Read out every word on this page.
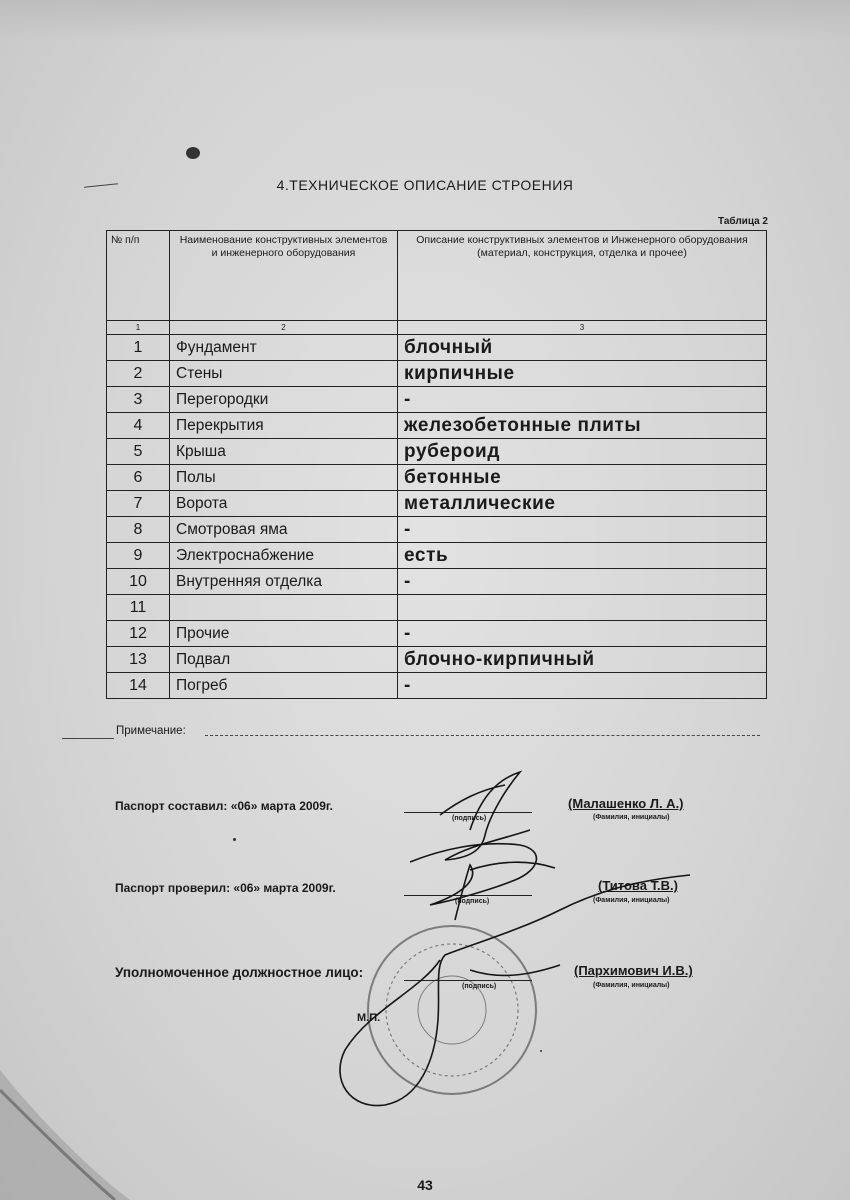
4.ТЕХНИЧЕСКОЕ ОПИСАНИЕ СТРОЕНИЯ
Таблица 2
№ п/п	Наименование конструктивных элементов и инженерного оборудования	Описание конструктивных элементов и Инженерного оборудования (материал, конструкция, отделка и прочее)
1	2	3
1	Фундамент	блочный
2	Стены	кирпичные
3	Перегородки	-
4	Перекрытия	железобетонные плиты
5	Крыша	рубероид
6	Полы	бетонные
7	Ворота	металлические
8	Смотровая яма	-
9	Электроснабжение	есть
10	Внутренняя отделка	-
11		
12	Прочие	-
13	Подвал	блочно-кирпичный
14	Погреб	-
Примечание:
Паспорт составил: «06» марта 2009г.
(подпись)
(Малашенко Л. А.)
(Фамилия, инициалы)
Паспорт проверил: «06» марта 2009г.
(подпись)
(Титова Т.В.)
(Фамилия, инициалы)
Уполномоченное должностное лицо:
(подпись)
(Пархимович И.В.)
(Фамилия, инициалы)
М.П.
43
